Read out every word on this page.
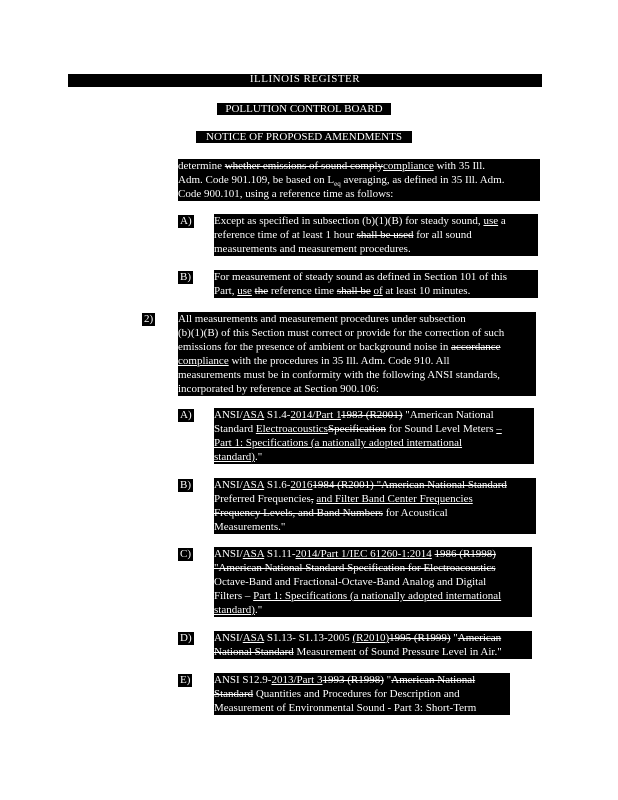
ILLINOIS REGISTER
POLLUTION CONTROL BOARD
NOTICE OF PROPOSED AMENDMENTS
determine whether emissions of sound complycompliance with 35 Ill.
Adm. Code 901.109, be based on $L_{eq}$ averaging, as defined in 35 Ill. Adm.
Code 900.101, using a reference time as follows:
A) Except as specified in subsection (b)(1)(B) for steady sound, use a
reference time of at least 1 hour shall be used for all sound
measurements and measurement procedures.
B) For measurement of steady sound as defined in Section 101 of this
Part, use the reference time shall be of at least 10 minutes.
2) All measurements and measurement procedures under subsection
(b)(1)(B) of this Section must correct or provide for the correction of such
emissions for the presence of ambient or background noise in accordance
compliance with the procedures in 35 Ill. Adm. Code 910. All
measurements must be in conformity with the following ANSI standards,
incorporated by reference at Section 900.106:
A) ANSI/ASA S1.4-2014/Part 11983 (R2001) "American National
Standard ElectroacousticsSpecification for Sound Level Meters –
Part 1: Specifications (a nationally adopted international
standard)."
B) ANSI/ASA S1.6-20161984 (R2001) "American National Standard
Preferred Frequencies, and Filter Band Center Frequencies
Frequency Levels, and Band Numbers for Acoustical
Measurements."
C) ANSI/ASA S1.11-2014/Part 1/IEC 61260-1:2014 1986 (R1998)
"American National Standard Specification for Electroacoustics
Octave-Band and Fractional-Octave-Band Analog and Digital
Filters – Part 1: Specifications (a nationally adopted international
standard)."
D) ANSI/ASA S1.13- S1.13-2005 (R2010)1995 (R1999) "American
National Standard Measurement of Sound Pressure Level in Air."
E) ANSI S12.9-2013/Part 31993 (R1998) "American National
Standard Quantities and Procedures for Description and
Measurement of Environmental Sound - Part 3: Short-Term
